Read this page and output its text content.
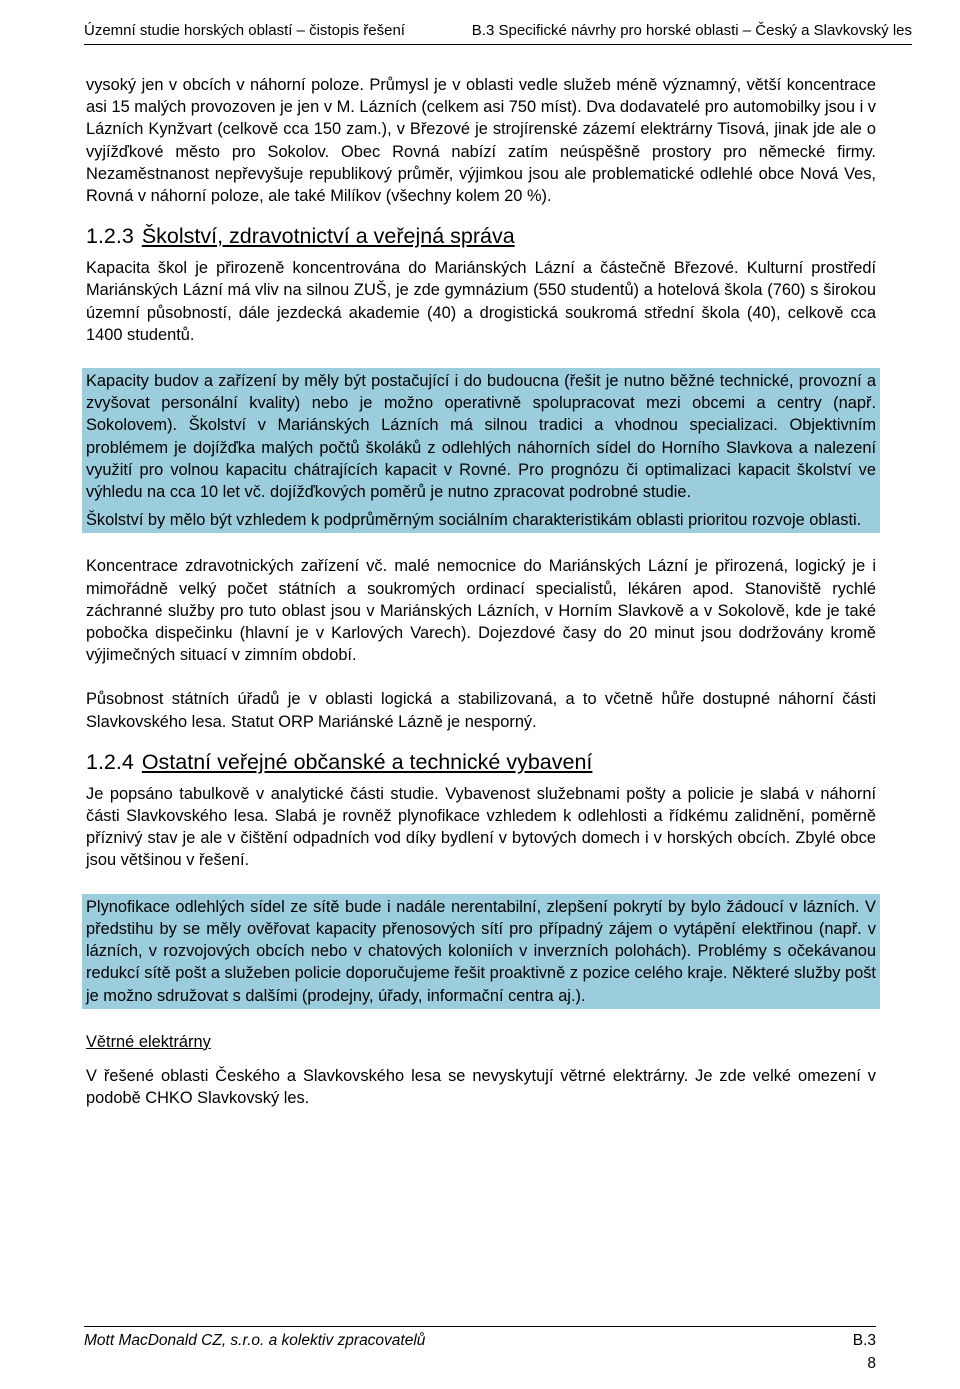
Územní studie horských oblastí – čistopis řešení	B.3 Specifické návrhy pro horské oblasti – Český a Slavkovský les

vysoký jen v obcích v náhorní poloze. Průmysl je v oblasti vedle služeb méně významný, větší koncentrace asi 15 malých provozoven je jen v M. Lázních (celkem asi 750 míst). Dva dodavatelé pro automobilky jsou i v Lázních Kynžvart (celkově cca 150 zam.), v Březové je strojírenské zázemí elektrárny Tisová, jinak jde ale o vyjížďkové město pro Sokolov. Obec Rovná nabízí zatím neúspěšně prostory pro německé firmy. Nezaměstnanost nepřevyšuje republikový průměr, výjimkou jsou ale problematické odlehlé obce Nová Ves, Rovná v náhorní poloze, ale také Milíkov (všechny kolem 20 %).

1.2.3 Školství, zdravotnictví a veřejná správa

Kapacita škol je přirozeně koncentrována do Mariánských Lázní a částečně Březové. Kulturní prostředí Mariánských Lázní má vliv na silnou ZUŠ, je zde gymnázium (550 studentů) a hotelová škola (760) s širokou územní působností, dále jezdecká akademie (40) a drogistická soukromá střední škola (40), celkově cca 1400 studentů.

Kapacity budov a zařízení by měly být postačující i do budoucna (řešit je nutno běžné technické, provozní a zvyšovat personální kvality) nebo je možno operativně spolupracovat mezi obcemi a centry (např. Sokolovem). Školství v Mariánských Lázních má silnou tradici a vhodnou specializaci. Objektivním problémem je dojížďka malých počtů školáků z odlehlých náhorních sídel do Horního Slavkova a nalezení využití pro volnou kapacitu chátrajících kapacit v Rovné. Pro prognózu či optimalizaci kapacit školství ve výhledu na cca 10 let vč. dojížďkových poměrů je nutno zpracovat podrobné studie.

Školství by mělo být vzhledem k podprůměrným sociálním charakteristikám oblasti prioritou rozvoje oblasti.

Koncentrace zdravotnických zařízení vč. malé nemocnice do Mariánských Lázní je přirozená, logický je i mimořádně velký počet státních a soukromých ordinací specialistů, lékáren apod. Stanoviště rychlé záchranné služby pro tuto oblast jsou v Mariánských Lázních, v Horním Slavkově a v Sokolově, kde je také pobočka dispečinku (hlavní je v Karlových Varech). Dojezdové časy do 20 minut jsou dodržovány kromě výjimečných situací v zimním období.

Působnost státních úřadů je v oblasti logická a stabilizovaná, a to včetně hůře dostupné náhorní části Slavkovského lesa. Statut ORP Mariánské Lázně je nesporný.

1.2.4 Ostatní veřejné občanské a technické vybavení

Je popsáno tabulkově v analytické části studie. Vybavenost služebnami pošty a policie je slabá v náhorní části Slavkovského lesa. Slabá je rovněž plynofikace vzhledem k odlehlosti a řídkému zalidnění, poměrně příznivý stav je ale v čištění odpadních vod díky bydlení v bytových domech i v horských obcích. Zbylé obce jsou většinou v řešení.

Plynofikace odlehlých sídel ze sítě bude i nadále nerentabilní, zlepšení pokrytí by bylo žádoucí v lázních. V předstihu by se měly ověřovat kapacity přenosových sítí pro případný zájem o vytápění elektřinou (např. v lázních, v rozvojových obcích nebo v chatových koloniích v inverzních polohách). Problémy s očekávanou redukcí sítě pošt a služeben policie doporučujeme řešit proaktivně z pozice celého kraje. Některé služby pošt je možno sdružovat s dalšími (prodejny, úřady, informační centra aj.).

Větrné elektrárny

V řešené oblasti Českého a Slavkovského lesa se nevyskytují větrné elektrárny. Je zde velké omezení v podobě CHKO Slavkovský les.

Mott MacDonald CZ, s.r.o. a kolektiv zpracovatelů	B.3
8
